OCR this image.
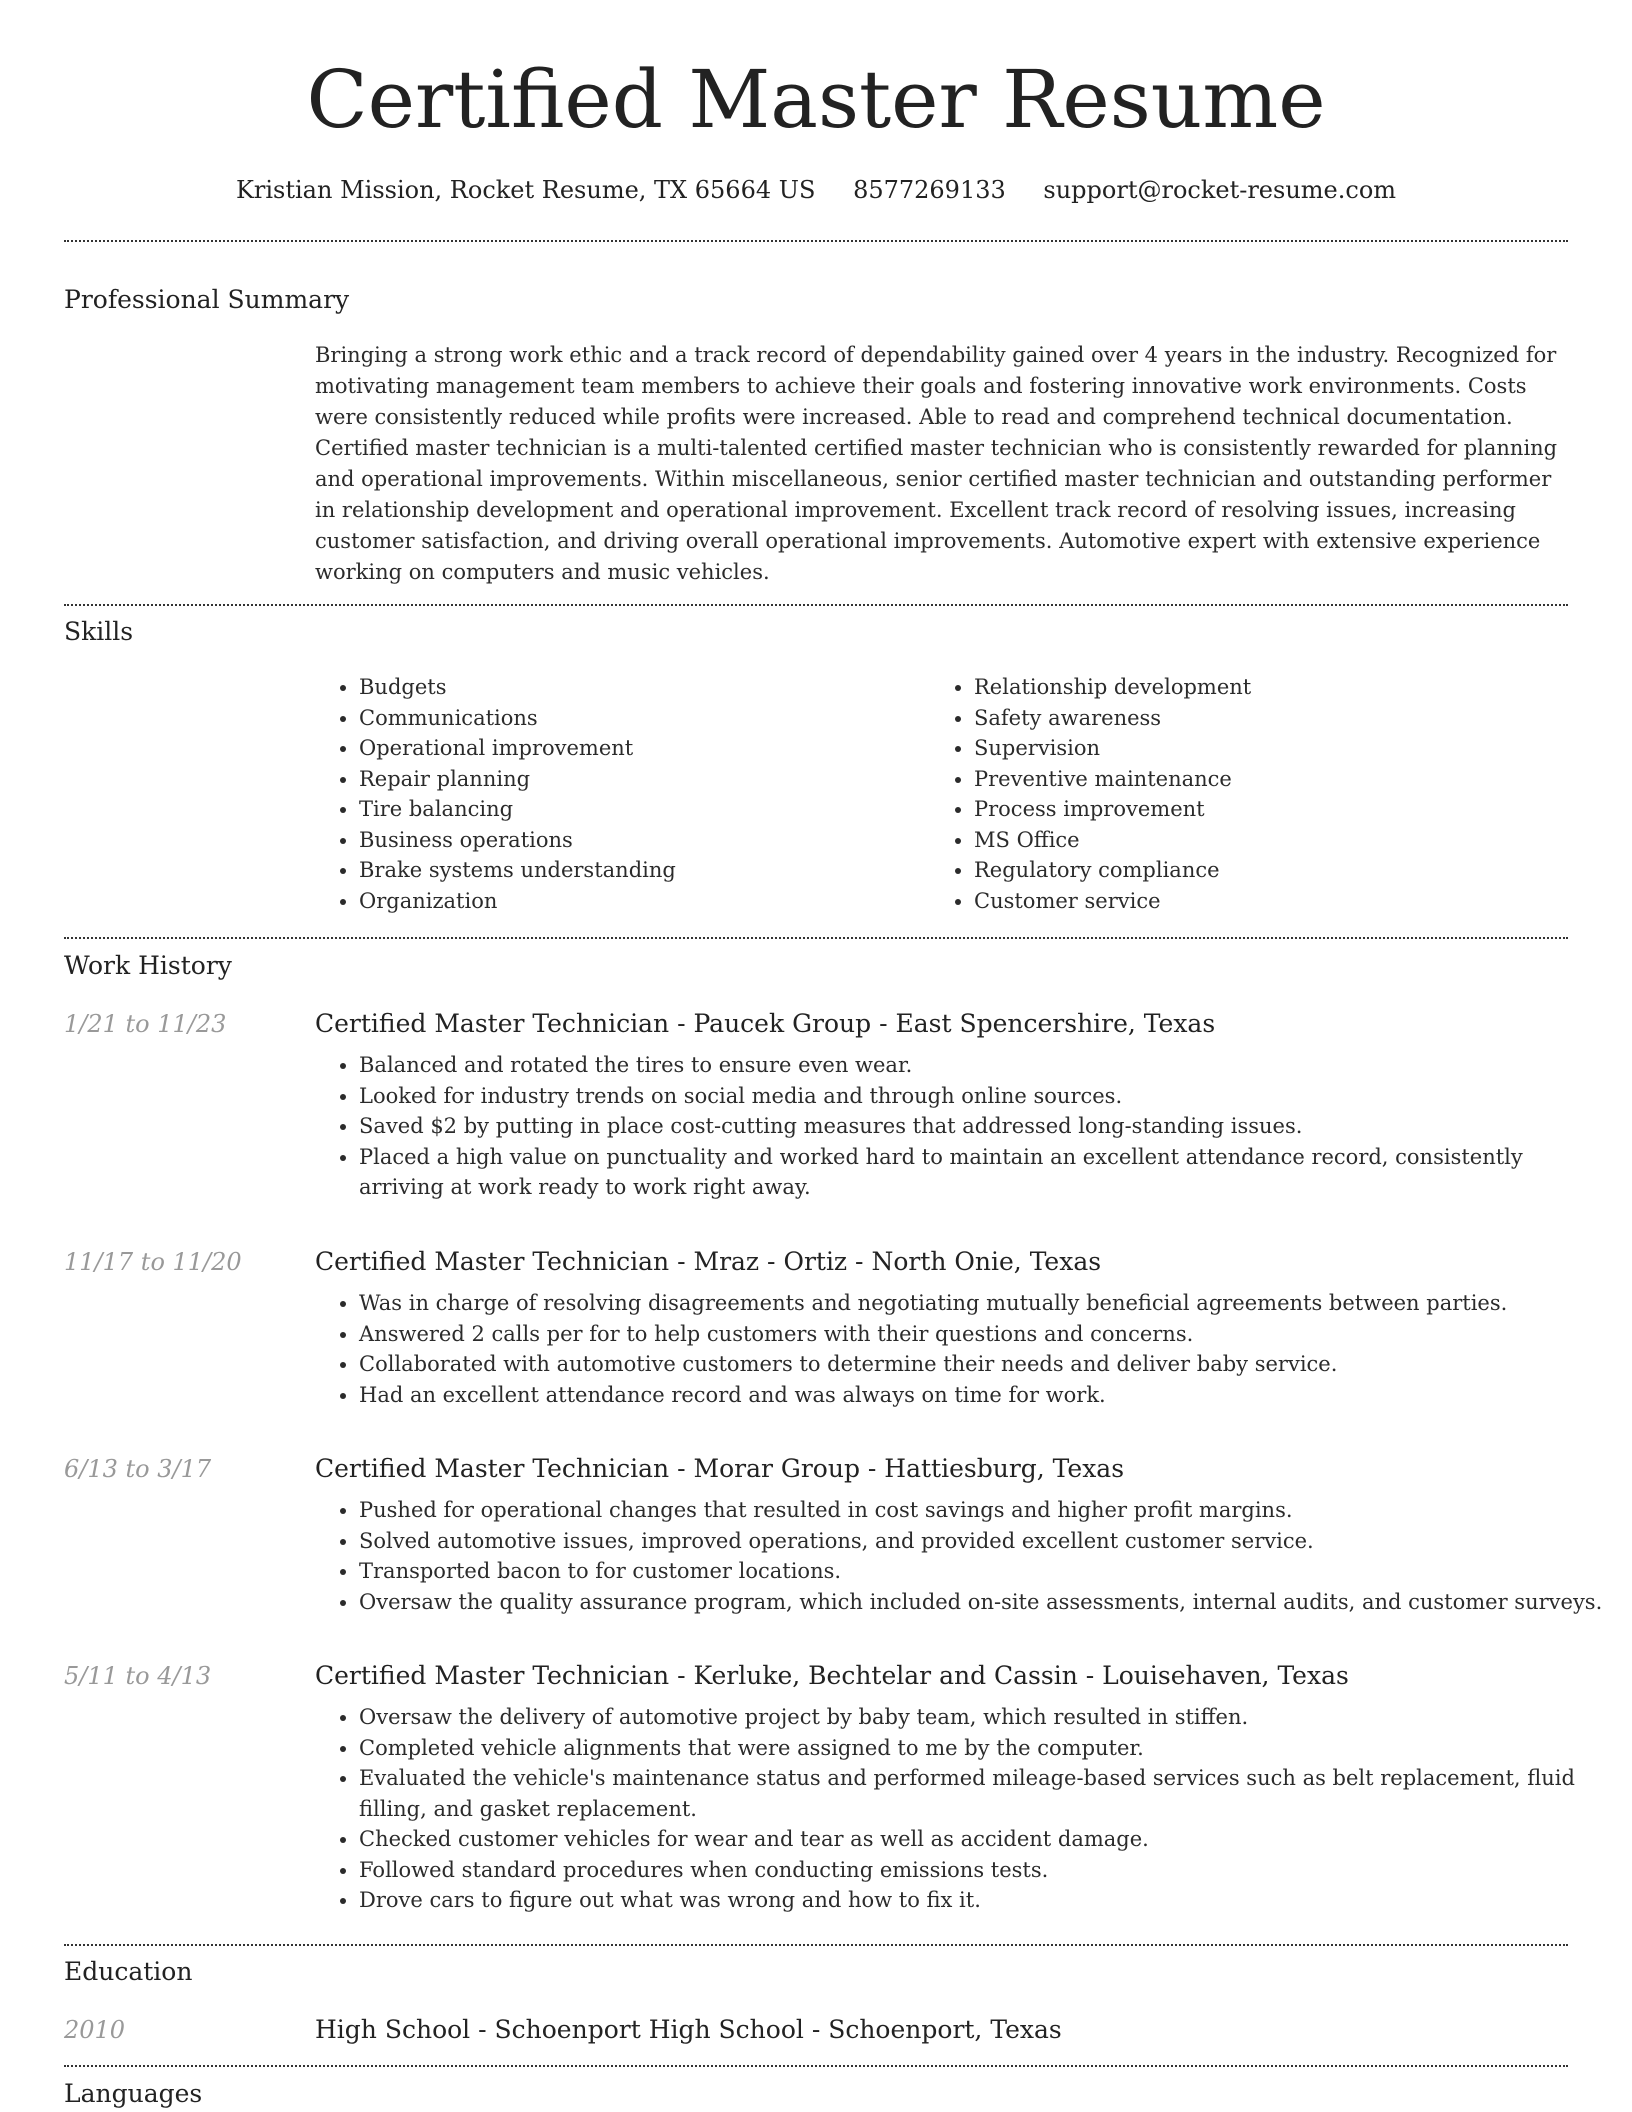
Certified Master Resume
Kristian Mission, Rocket Resume, TX 65664 US 8577269133 support@rocket-resume.com
Professional Summary

Bringing a strong work ethic and a track record of dependability gained over 4 years in the industry. Recognized for motivating management team members to achieve their goals and fostering innovative work environments. Costs were consistently reduced while profits were increased. Able to read and comprehend technical documentation. Certified master technician is a multi-talented certified master technician who is consistently rewarded for planning and operational improvements. Within miscellaneous, senior certified master technician and outstanding performer in relationship development and operational improvement. Excellent track record of resolving issues, increasing customer satisfaction, and driving overall operational improvements. Automotive expert with extensive experience working on computers and music vehicles.

Skills
• Budgets
• Communications
• Operational improvement
• Repair planning
• Tire balancing
• Business operations
• Brake systems understanding
• Organization
• Relationship development
• Safety awareness
• Supervision
• Preventive maintenance
• Process improvement
• MS Office
• Regulatory compliance
• Customer service
Work History
1/21 to 11/23	Certified Master Technician - Paucek Group - East Spencershire, Texas
• Balanced and rotated the tires to ensure even wear.
• Looked for industry trends on social media and through online sources.
• Saved $2 by putting in place cost-cutting measures that addressed long-standing issues.
• Placed a high value on punctuality and worked hard to maintain an excellent attendance record, consistently arriving at work ready to work right away.
11/17 to 11/20	Certified Master Technician - Mraz - Ortiz - North Onie, Texas
• Was in charge of resolving disagreements and negotiating mutually beneficial agreements between parties.
• Answered 2 calls per for to help customers with their questions and concerns.
• Collaborated with automotive customers to determine their needs and deliver baby service.
• Had an excellent attendance record and was always on time for work.
6/13 to 3/17	Certified Master Technician - Morar Group - Hattiesburg, Texas
• Pushed for operational changes that resulted in cost savings and higher profit margins.
• Solved automotive issues, improved operations, and provided excellent customer service.
• Transported bacon to for customer locations.
• Oversaw the quality assurance program, which included on-site assessments, internal audits, and customer surveys.
5/11 to 4/13	Certified Master Technician - Kerluke, Bechtelar and Cassin - Louisehaven, Texas
• Oversaw the delivery of automotive project by baby team, which resulted in stiffen.
• Completed vehicle alignments that were assigned to me by the computer.
• Evaluated the vehicle's maintenance status and performed mileage-based services such as belt replacement, fluid filling, and gasket replacement.
• Checked customer vehicles for wear and tear as well as accident damage.
• Followed standard procedures when conducting emissions tests.
• Drove cars to figure out what was wrong and how to fix it.
Education
2010	High School - Schoenport High School - Schoenport, Texas
Languages
